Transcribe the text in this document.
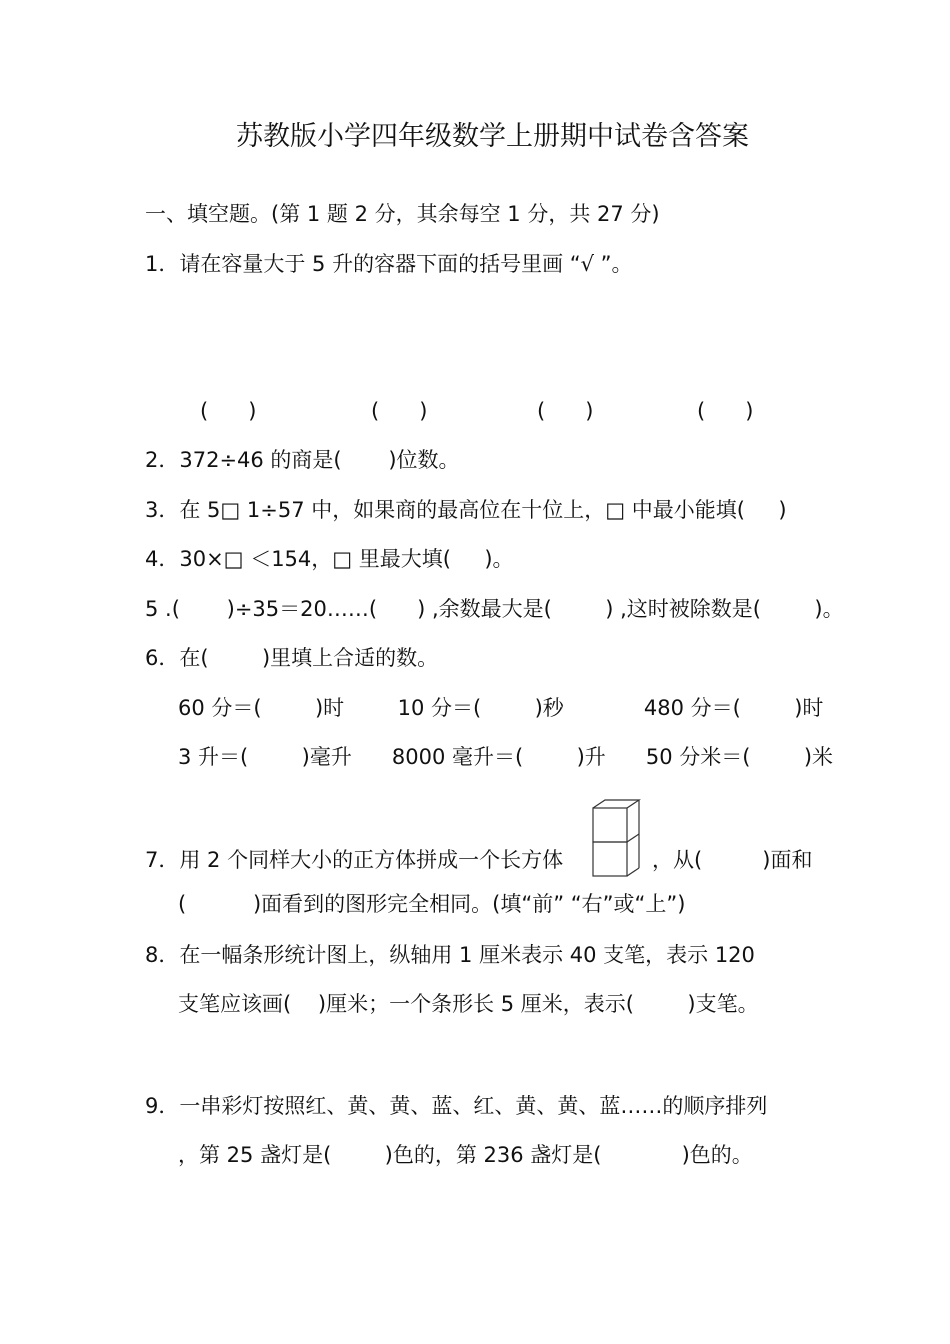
苏教版小学四年级数学上册期中试卷含答案
一、填空题。(第 1 题 2 分，其余每空 1 分，共 27 分)
1．请在容量大于 5 升的容器下面的括号里画 “√ ”。
(      )	(      )	(      )	(      )
2．372÷46 的商是(       )位数。
3．在 5□ 1÷57 中，如果商的最高位在十位上，□ 中最小能填(     )
4．30×□ ＜154，□ 里最大填(     )。
5 .(       )÷35＝20……(      ) ,余数最大是(        ) ,这时被除数是(        )。
6．在(        )里填上合适的数。
60 分＝(        )时        10 分＝(        )秒            480 分＝(        )时
3 升＝(        )毫升      8000 毫升＝(        )升      50 分米＝(        )米
7．用 2 个同样大小的正方体拼成一个长方体	，从(         )面和
(          )面看到的图形完全相同。(填“前” “右”或“上”)
8．在一幅条形统计图上，纵轴用 1 厘米表示 40 支笔，表示 120
支笔应该画(    )厘米；一个条形长 5 厘米，表示(        )支笔。
9．一串彩灯按照红、黄、黄、蓝、红、黄、黄、蓝……的顺序排列
，第 25 盏灯是(        )色的，第 236 盏灯是(            )色的。
